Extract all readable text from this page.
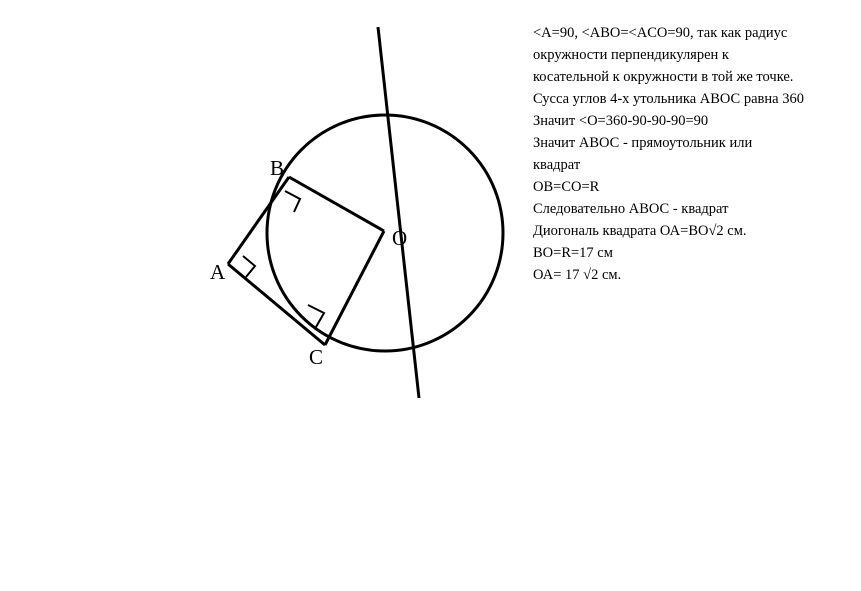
A
B
C
O
<A=90, <ABO=<ACO=90, так как радиус
окружности перпендикулярен к
косательной к окружности в той же точке.
Сусса углов 4-х утольника АВОС равна 360
Значит <O=360-90-90-90=90
Значит АВОС - прямоутольник или
квадрат
ОВ=СО=R
Следовательно АВОС - квадрат
Диогональ квадрата ОА=ВО√2 см.
ВО=R=17 см
ОА= 17 √2 см.
